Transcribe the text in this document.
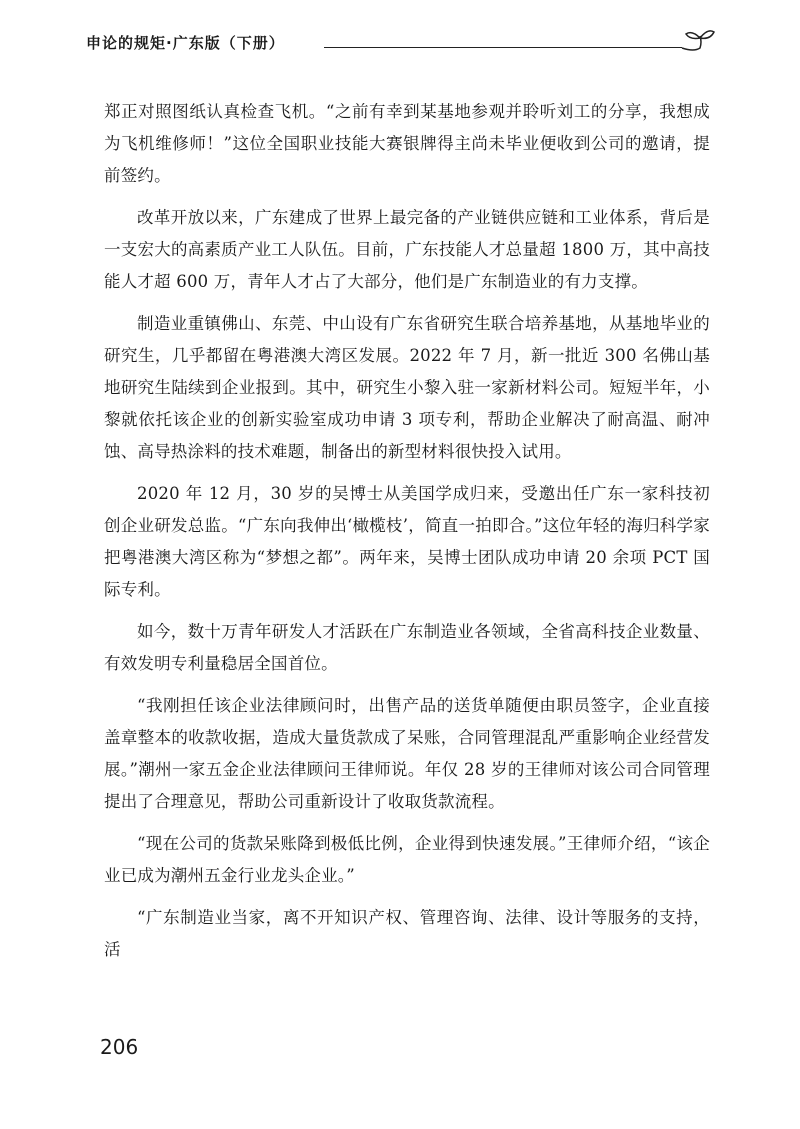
申论的规矩·广东版（下册）

郑正对照图纸认真检查飞机。“之前有幸到某基地参观并聆听刘工的分享，我想成为飞机维修师！”这位全国职业技能大赛银牌得主尚未毕业便收到公司的邀请，提前签约。

改革开放以来，广东建成了世界上最完备的产业链供应链和工业体系，背后是一支宏大的高素质产业工人队伍。目前，广东技能人才总量超 1800 万，其中高技能人才超 600 万，青年人才占了大部分，他们是广东制造业的有力支撑。

制造业重镇佛山、东莞、中山设有广东省研究生联合培养基地，从基地毕业的研究生，几乎都留在粤港澳大湾区发展。2022 年 7 月，新一批近 300 名佛山基地研究生陆续到企业报到。其中，研究生小黎入驻一家新材料公司。短短半年，小黎就依托该企业的创新实验室成功申请 3 项专利，帮助企业解决了耐高温、耐冲蚀、高导热涂料的技术难题，制备出的新型材料很快投入试用。

2020 年 12 月，30 岁的吴博士从美国学成归来，受邀出任广东一家科技初创企业研发总监。“广东向我伸出‘橄榄枝’，简直一拍即合。”这位年轻的海归科学家把粤港澳大湾区称为“梦想之都”。两年来，吴博士团队成功申请 20 余项 PCT 国际专利。

如今，数十万青年研发人才活跃在广东制造业各领域，全省高科技企业数量、有效发明专利量稳居全国首位。

“我刚担任该企业法律顾问时，出售产品的送货单随便由职员签字，企业直接盖章整本的收款收据，造成大量货款成了呆账，合同管理混乱严重影响企业经营发展。”潮州一家五金企业法律顾问王律师说。年仅 28 岁的王律师对该公司合同管理提出了合理意见，帮助公司重新设计了收取货款流程。

“现在公司的货款呆账降到极低比例，企业得到快速发展。”王律师介绍，“该企业已成为潮州五金行业龙头企业。”

“广东制造业当家，离不开知识产权、管理咨询、法律、设计等服务的支持，活

206
